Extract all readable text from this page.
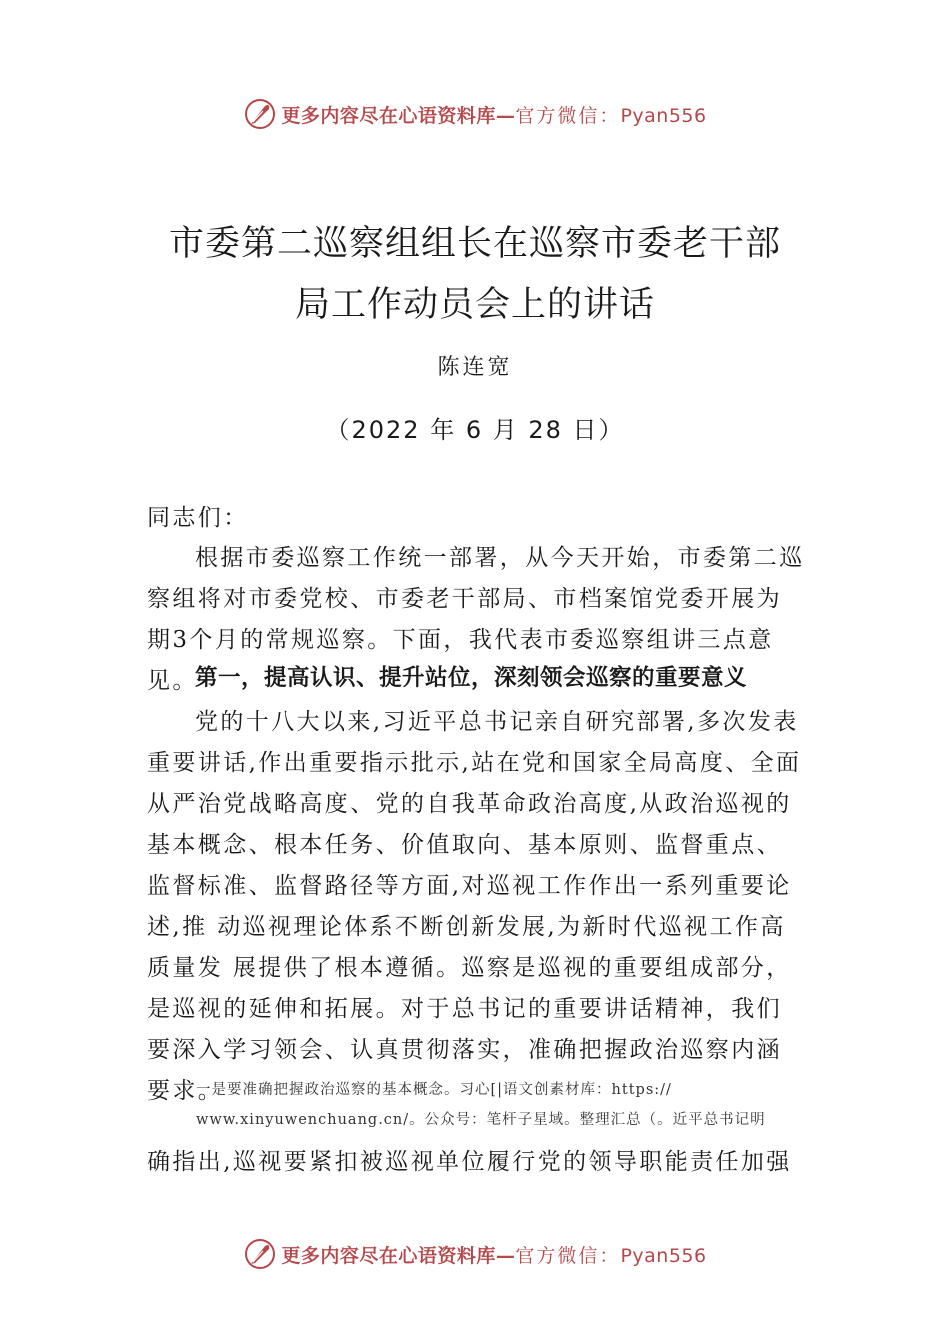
更多内容尽在心语资料库—官方微信：Pyan556
市委第二巡察组组长在巡察市委老干部
局工作动员会上的讲话
陈连宽
（2022 年 6 月 28 日）
同志们：
根据市委巡察工作统一部署，从今天开始，市委第二巡察组将对市委党校、市委老干部局、市档案馆党委开展为期3个月的常规巡察。下面，我代表市委巡察组讲三点意见。
第一，提高认识、提升站位，深刻领会巡察的重要意义
党的十八大以来,习近平总书记亲自研究部署,多次发表重要讲话,作出重要指示批示,站在党和国家全局高度、全面从严治党战略高度、党的自我革命政治高度,从政治巡视的基本概念、根本任务、价值取向、基本原则、监督重点、监督标准、监督路径等方面,对巡视工作作出一系列重要论述,推 动巡视理论体系不断创新发展,为新时代巡视工作高质量发 展提供了根本遵循。巡察是巡视的重要组成部分，是巡视的延伸和拓展。对于总书记的重要讲话精神，我们要深入学习领会、认真贯彻落实，准确把握政治巡察内涵要求。
一是要准确把握政治巡察的基本概念。习心[|语文创素材库：https://
www.xinyuwenchuang.cn/。公众号：笔杆子星域。整理汇总（。近平总书记明
确指出,巡视要紧扣被巡视单位履行党的领导职能责任加强
更多内容尽在心语资料库—官方微信：Pyan556
